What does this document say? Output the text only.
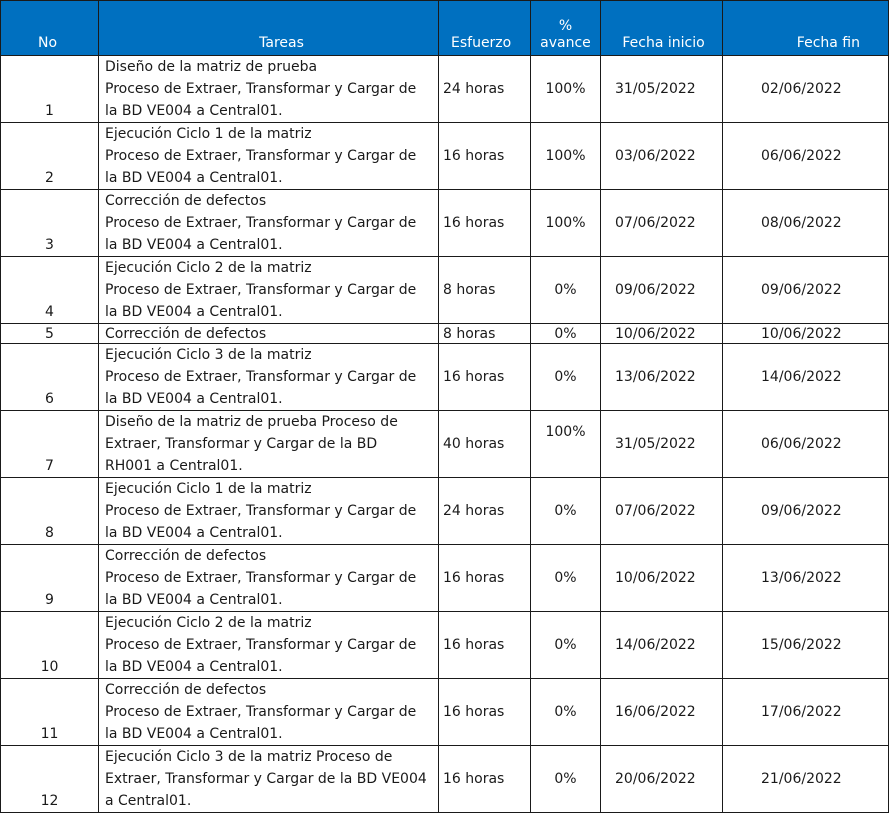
No	Tareas	Esfuerzo	%
avance	Fecha inicio	Fecha fin
1	Diseño de la matriz de prueba
Proceso de Extraer, Transformar y Cargar de
la BD VE004 a Central01.	24 horas	100%	31/05/2022	02/06/2022
2	Ejecución Ciclo 1 de la matriz
Proceso de Extraer, Transformar y Cargar de
la BD VE004 a Central01.	16 horas	100%	03/06/2022	06/06/2022
3	Corrección de defectos
Proceso de Extraer, Transformar y Cargar de
la BD VE004 a Central01.	16 horas	100%	07/06/2022	08/06/2022
4	Ejecución Ciclo 2 de la matriz
Proceso de Extraer, Transformar y Cargar de
la BD VE004 a Central01.	8 horas	0%	09/06/2022	09/06/2022
5	Corrección de defectos	8 horas	0%	10/06/2022	10/06/2022
6	Ejecución Ciclo 3 de la matriz
Proceso de Extraer, Transformar y Cargar de
la BD VE004 a Central01.	16 horas	0%	13/06/2022	14/06/2022
7	Diseño de la matriz de prueba Proceso de
Extraer, Transformar y Cargar de la BD
RH001 a Central01.	40 horas	100%	31/05/2022	06/06/2022
8	Ejecución Ciclo 1 de la matriz
Proceso de Extraer, Transformar y Cargar de
la BD VE004 a Central01.	24 horas	0%	07/06/2022	09/06/2022
9	Corrección de defectos
Proceso de Extraer, Transformar y Cargar de
la BD VE004 a Central01.	16 horas	0%	10/06/2022	13/06/2022
10	Ejecución Ciclo 2 de la matriz
Proceso de Extraer, Transformar y Cargar de
la BD VE004 a Central01.	16 horas	0%	14/06/2022	15/06/2022
11	Corrección de defectos
Proceso de Extraer, Transformar y Cargar de
la BD VE004 a Central01.	16 horas	0%	16/06/2022	17/06/2022
12	Ejecución Ciclo 3 de la matriz Proceso de
Extraer, Transformar y Cargar de la BD VE004
a Central01.	16 horas	0%	20/06/2022	21/06/2022
